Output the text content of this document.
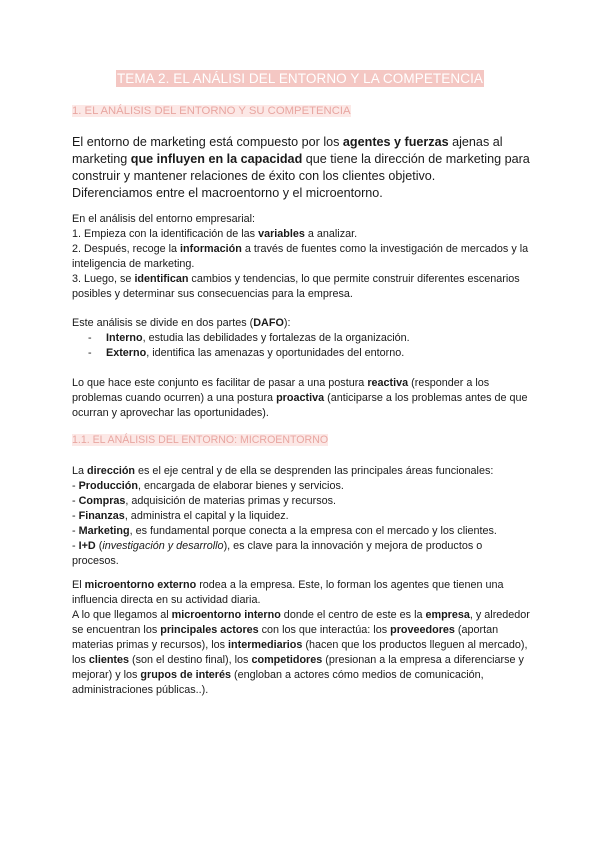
TEMA 2. EL ANÁLISI DEL ENTORNO Y LA COMPETENCIA
1. EL ANÁLISIS DEL ENTORNO Y SU COMPETENCIA
El entorno de marketing está compuesto por los agentes y fuerzas ajenas al marketing que influyen en la capacidad que tiene la dirección de marketing para construir y mantener relaciones de éxito con los clientes objetivo.
Diferenciamos entre el macroentorno y el microentorno.

En el análisis del entorno empresarial:

1. Empieza con la identificación de las variables a analizar.

2. Después, recoge la información a través de fuentes como la investigación de mercados y la inteligencia de marketing.

3. Luego, se identifican cambios y tendencias, lo que permite construir diferentes escenarios posibles y determinar sus consecuencias para la empresa.

Este análisis se divide en dos partes (DAFO):

- Interno, estudia las debilidades y fortalezas de la organización.
- Externo, identifica las amenazas y oportunidades del entorno.

Lo que hace este conjunto es facilitar de pasar a una postura reactiva (responder a los problemas cuando ocurren) a una postura proactiva (anticiparse a los problemas antes de que ocurran y aprovechar las oportunidades).

1.1. EL ANÁLISIS DEL ENTORNO: MICROENTORNO

La dirección es el eje central y de ella se desprenden las principales áreas funcionales:

- Producción, encargada de elaborar bienes y servicios.

- Compras, adquisición de materias primas y recursos.

- Finanzas, administra el capital y la liquidez.

- Marketing, es fundamental porque conecta a la empresa con el mercado y los clientes.

- I+D (investigación y desarrollo), es clave para la innovación y mejora de productos o procesos.

El microentorno externo rodea a la empresa. Este, lo forman los agentes que tienen una influencia directa en su actividad diaria.

A lo que llegamos al microentorno interno donde el centro de este es la empresa, y alrededor se encuentran los principales actores con los que interactúa: los proveedores (aportan materias primas y recursos), los intermediarios (hacen que los productos lleguen al mercado), los clientes (son el destino final), los competidores (presionan a la empresa a diferenciarse y mejorar) y los grupos de interés (engloban a actores cómo medios de comunicación, administraciones públicas..).
